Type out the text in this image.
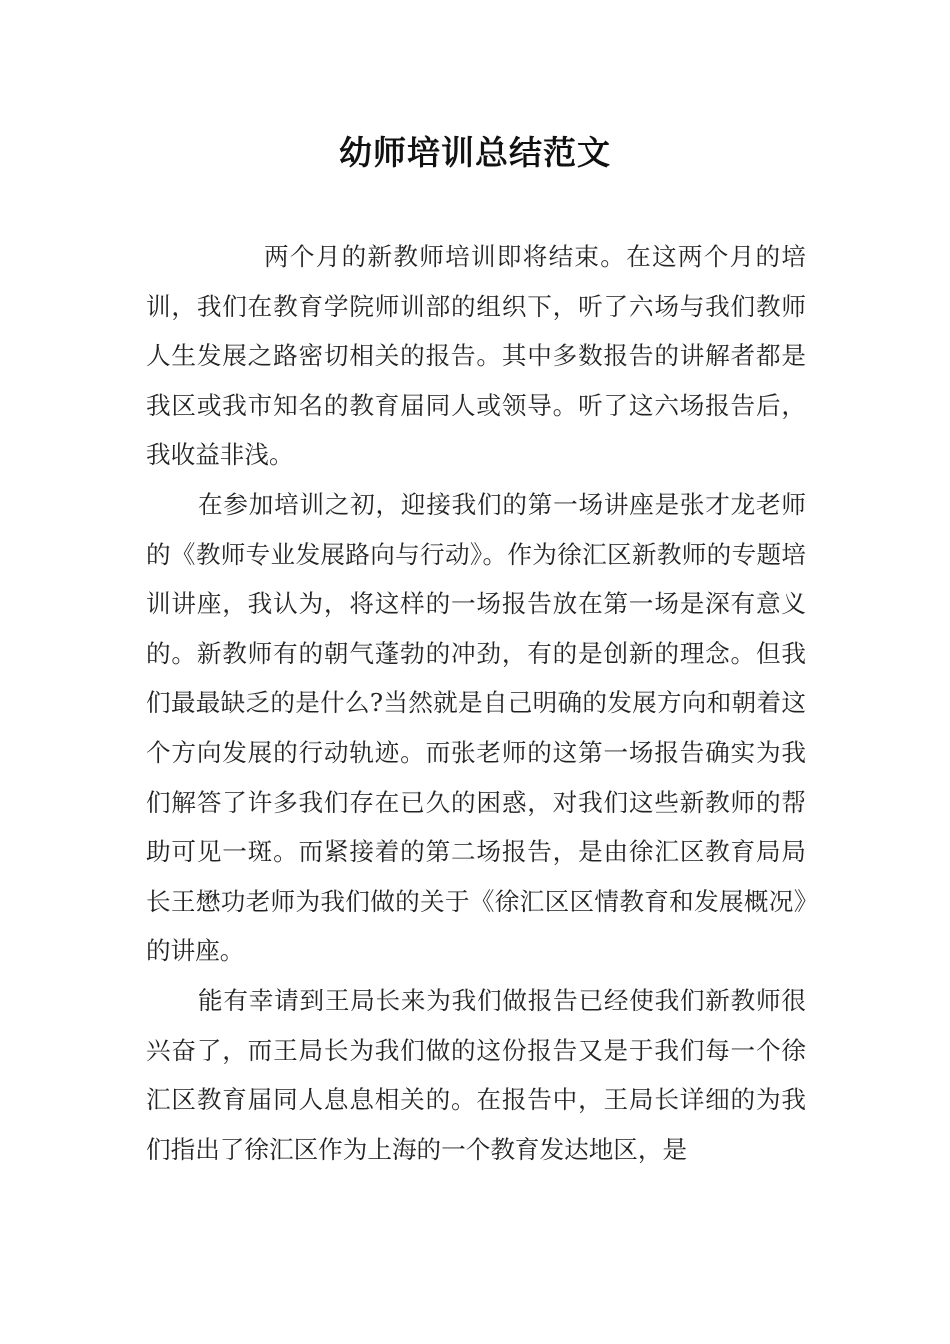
幼师培训总结范文

两个月的新教师培训即将结束。在这两个月的培训，我们在教育学院师训部的组织下，听了六场与我们教师人生发展之路密切相关的报告。其中多数报告的讲解者都是我区或我市知名的教育届同人或领导。听了这六场报告后，我收益非浅。

在参加培训之初，迎接我们的第一场讲座是张才龙老师的《教师专业发展路向与行动》。作为徐汇区新教师的专题培训讲座，我认为，将这样的一场报告放在第一场是深有意义的。新教师有的朝气蓬勃的冲劲，有的是创新的理念。但我们最最缺乏的是什么?当然就是自己明确的发展方向和朝着这个方向发展的行动轨迹。而张老师的这第一场报告确实为我们解答了许多我们存在已久的困惑，对我们这些新教师的帮助可见一斑。而紧接着的第二场报告，是由徐汇区教育局局长王懋功老师为我们做的关于《徐汇区区情教育和发展概况》的讲座。

能有幸请到王局长来为我们做报告已经使我们新教师很兴奋了，而王局长为我们做的这份报告又是于我们每一个徐汇区教育届同人息息相关的。在报告中，王局长详细的为我们指出了徐汇区作为上海的一个教育发达地区，是
